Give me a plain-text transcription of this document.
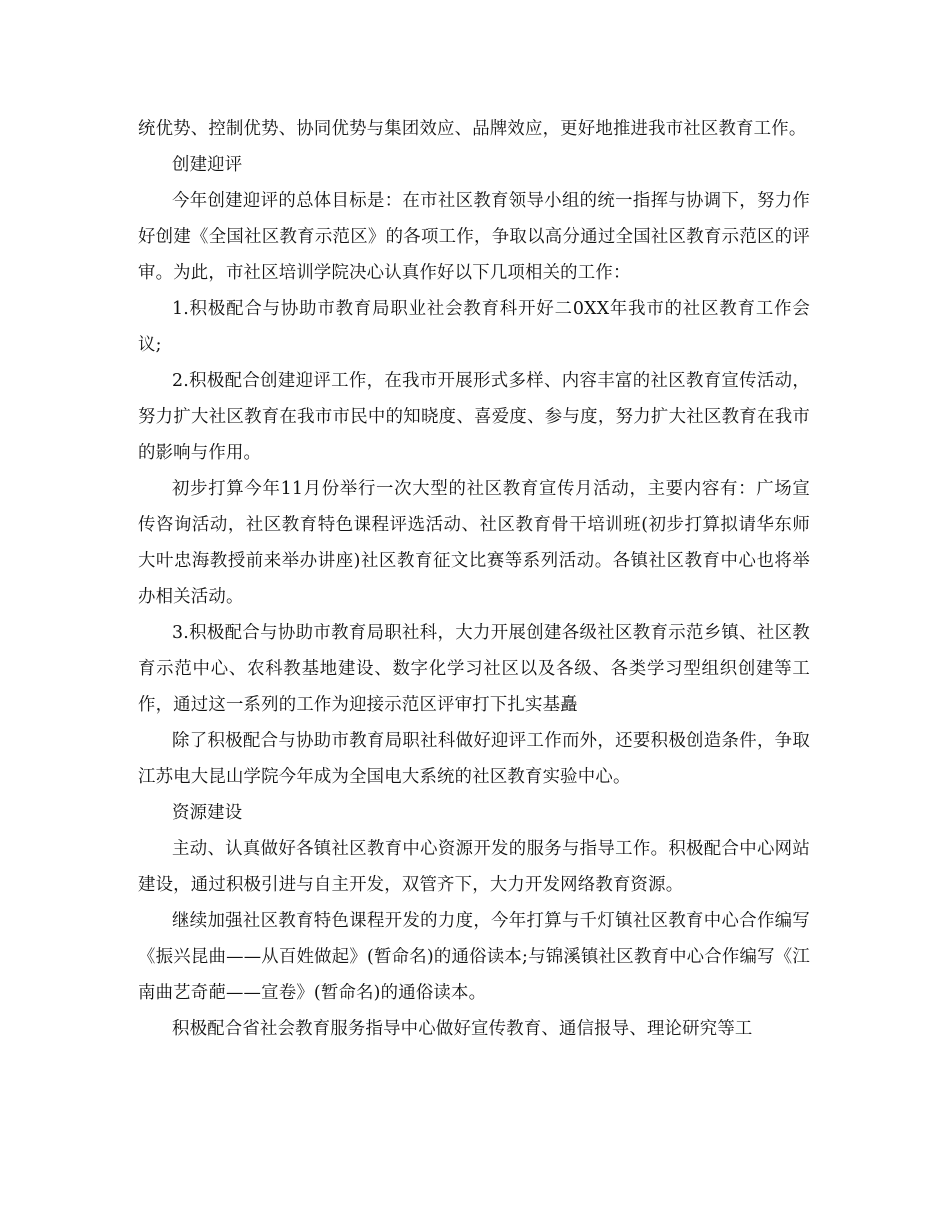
统优势、控制优势、协同优势与集团效应、品牌效应，更好地推进我市社区教育工作。

创建迎评

今年创建迎评的总体目标是：在市社区教育领导小组的统一指挥与协调下，努力作好创建《全国社区教育示范区》的各项工作，争取以高分通过全国社区教育示范区的评审。为此，市社区培训学院决心认真作好以下几项相关的工作：

1.积极配合与协助市教育局职业社会教育科开好二0XX年我市的社区教育工作会议;

2.积极配合创建迎评工作，在我市开展形式多样、内容丰富的社区教育宣传活动，努力扩大社区教育在我市市民中的知晓度、喜爱度、参与度，努力扩大社区教育在我市的影响与作用。

初步打算今年11月份举行一次大型的社区教育宣传月活动，主要内容有：广场宣传咨询活动，社区教育特色课程评选活动、社区教育骨干培训班(初步打算拟请华东师大叶忠海教授前来举办讲座)社区教育征文比赛等系列活动。各镇社区教育中心也将举办相关活动。

3.积极配合与协助市教育局职社科，大力开展创建各级社区教育示范乡镇、社区教育示范中心、农科教基地建设、数字化学习社区以及各级、各类学习型组织创建等工作，通过这一系列的工作为迎接示范区评审打下扎实基矗

除了积极配合与协助市教育局职社科做好迎评工作而外，还要积极创造条件，争取江苏电大昆山学院今年成为全国电大系统的社区教育实验中心。

资源建设

主动、认真做好各镇社区教育中心资源开发的服务与指导工作。积极配合中心网站建设，通过积极引进与自主开发，双管齐下，大力开发网络教育资源。

继续加强社区教育特色课程开发的力度，今年打算与千灯镇社区教育中心合作编写《振兴昆曲——从百姓做起》(暂命名)的通俗读本;与锦溪镇社区教育中心合作编写《江南曲艺奇葩——宣卷》(暂命名)的通俗读本。

积极配合省社会教育服务指导中心做好宣传教育、通信报导、理论研究等工
